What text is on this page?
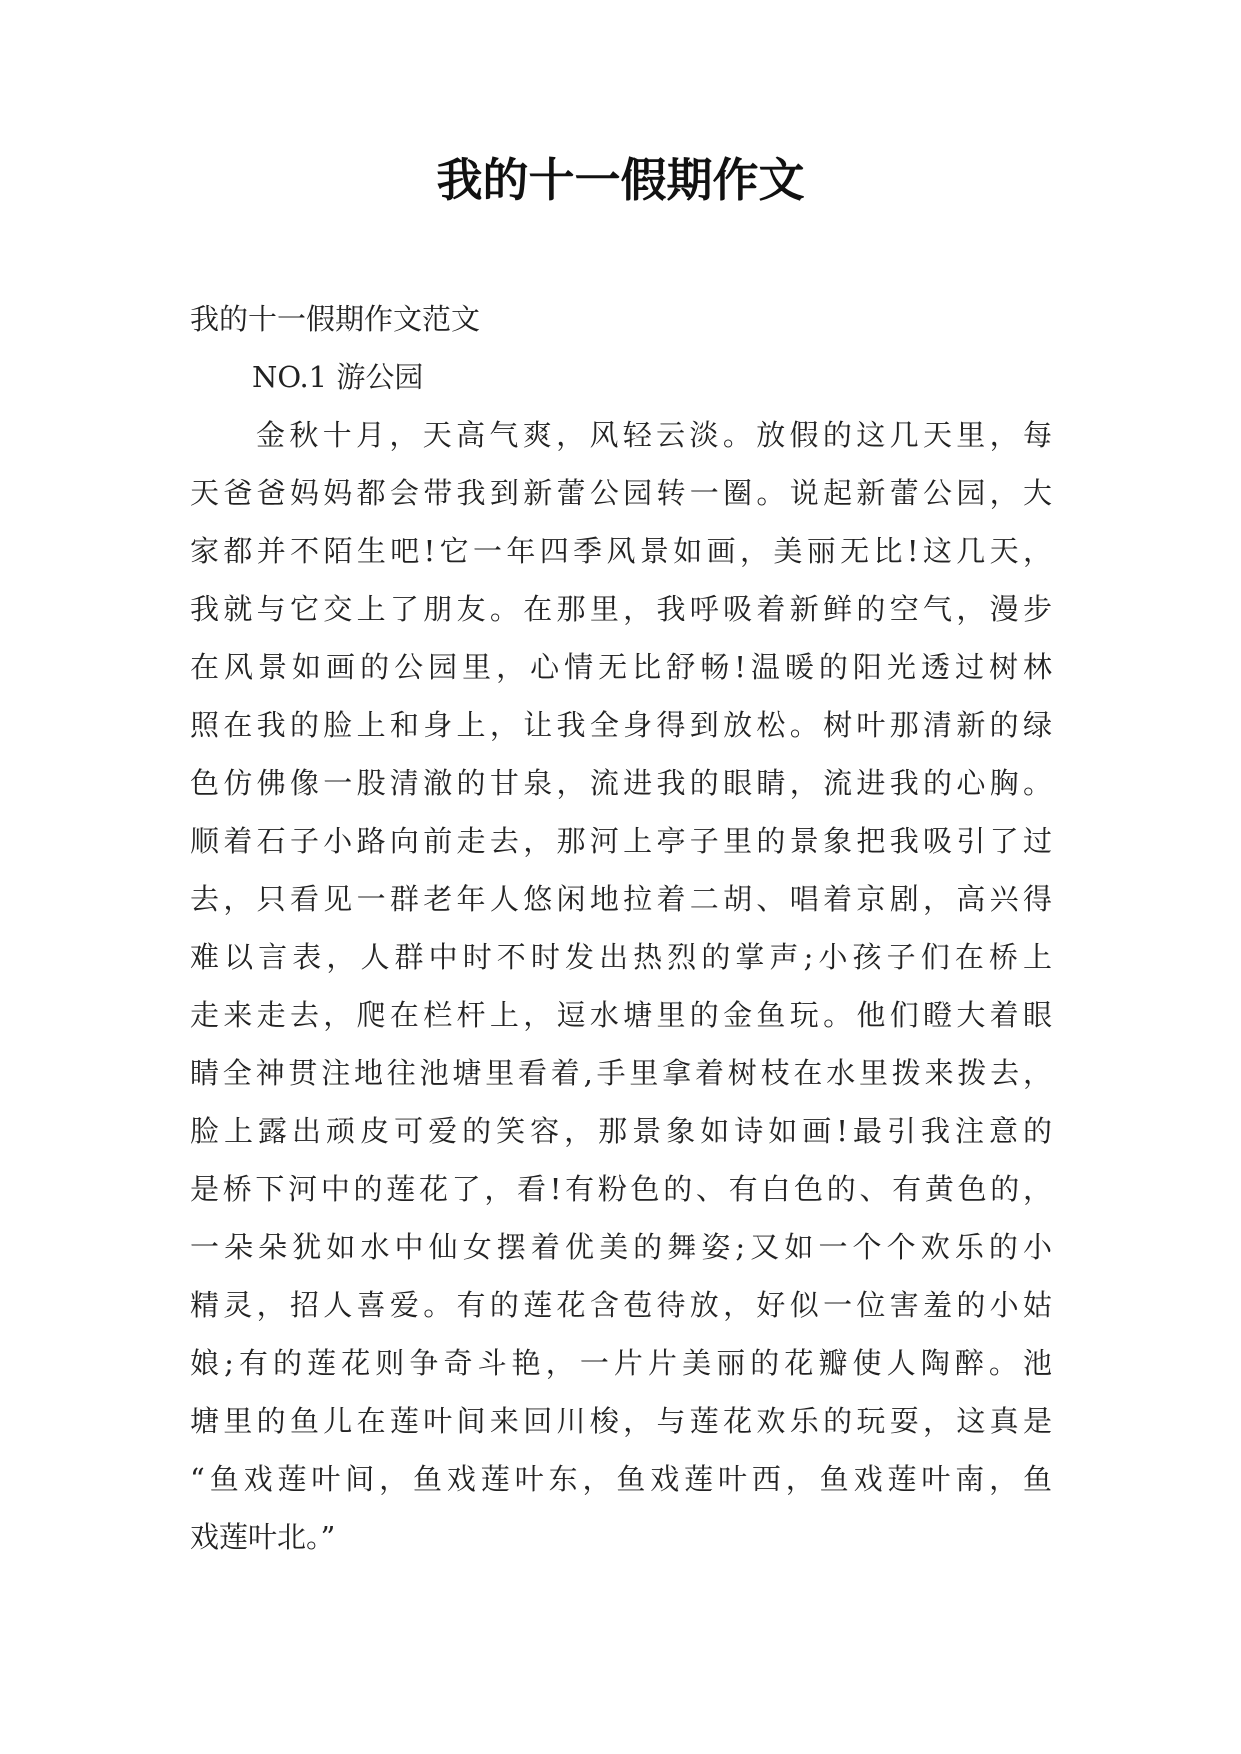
我的十一假期作文

我的十一假期作文范文

NO.1 游公园

金秋十月，天高气爽，风轻云淡。放假的这几天里，每
天爸爸妈妈都会带我到新蕾公园转一圈。说起新蕾公园，大
家都并不陌生吧!它一年四季风景如画，美丽无比!这几天，
我就与它交上了朋友。在那里，我呼吸着新鲜的空气，漫步
在风景如画的公园里，心情无比舒畅!温暖的阳光透过树林
照在我的脸上和身上，让我全身得到放松。树叶那清新的绿
色仿佛像一股清澈的甘泉，流进我的眼睛，流进我的心胸。
顺着石子小路向前走去，那河上亭子里的景象把我吸引了过
去，只看见一群老年人悠闲地拉着二胡、唱着京剧，高兴得
难以言表，人群中时不时发出热烈的掌声;小孩子们在桥上
走来走去，爬在栏杆上，逗水塘里的金鱼玩。他们瞪大着眼
睛全神贯注地往池塘里看着,手里拿着树枝在水里拨来拨去，
脸上露出顽皮可爱的笑容，那景象如诗如画!最引我注意的
是桥下河中的莲花了，看!有粉色的、有白色的、有黄色的，
一朵朵犹如水中仙女摆着优美的舞姿;又如一个个欢乐的小
精灵，招人喜爱。有的莲花含苞待放，好似一位害羞的小姑
娘;有的莲花则争奇斗艳，一片片美丽的花瓣使人陶醉。池
塘里的鱼儿在莲叶间来回川梭，与莲花欢乐的玩耍，这真是
“鱼戏莲叶间，鱼戏莲叶东，鱼戏莲叶西，鱼戏莲叶南，鱼
戏莲叶北。”
